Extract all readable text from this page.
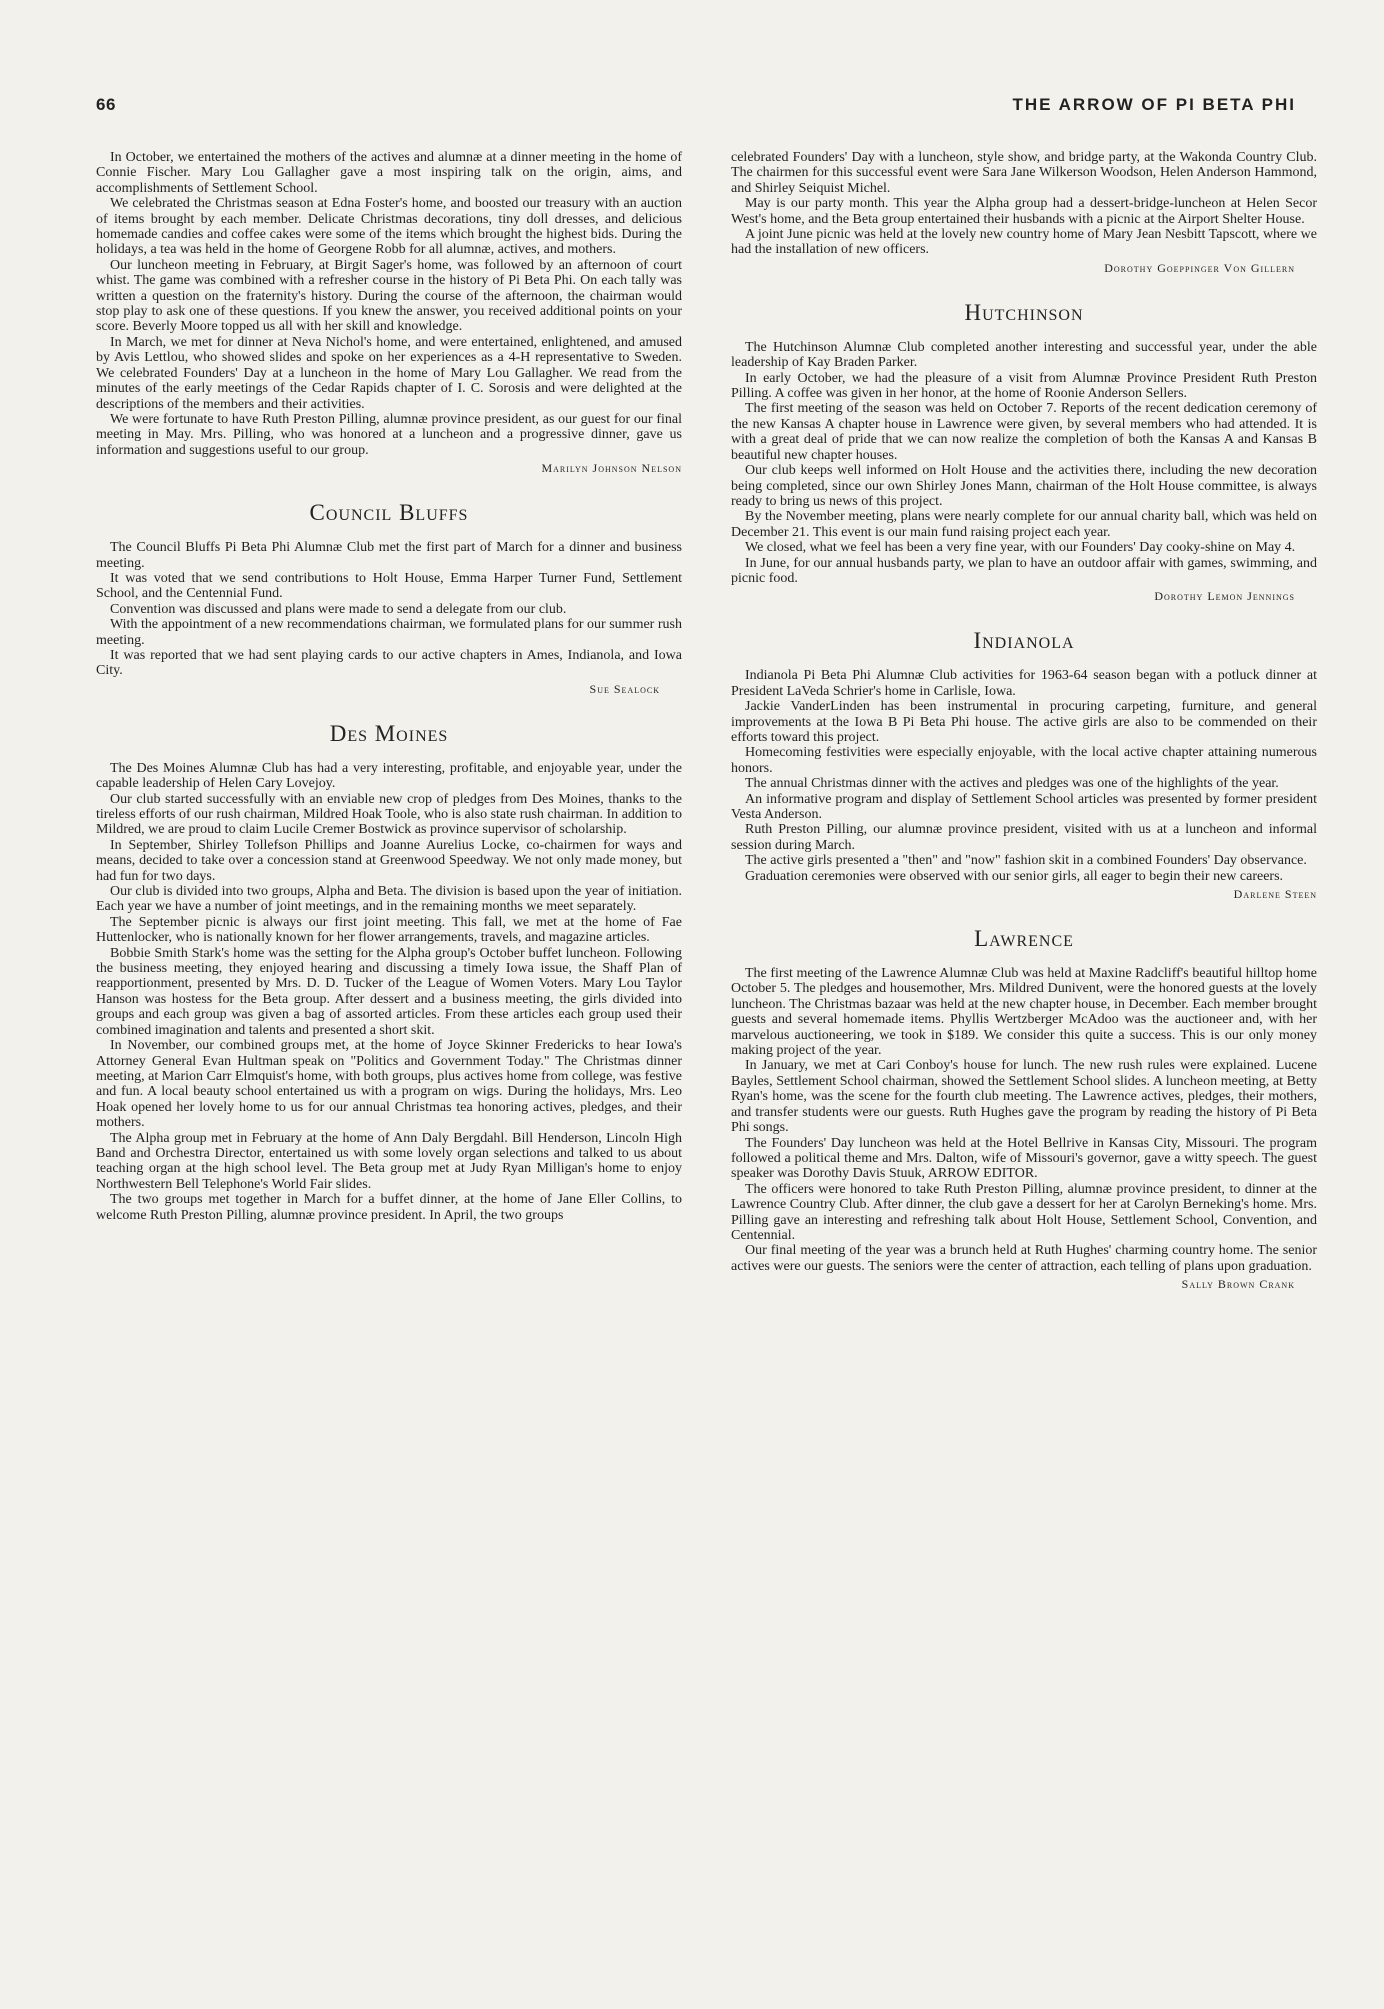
66	THE ARROW OF PI BETA PHI

In October, we entertained the mothers of the actives and alumnæ at a dinner meeting in the home of Connie Fischer. Mary Lou Gallagher gave a most inspiring talk on the origin, aims, and accomplishments of Settlement School.

We celebrated the Christmas season at Edna Foster's home, and boosted our treasury with an auction of items brought by each member. Delicate Christmas decorations, tiny doll dresses, and delicious homemade candies and coffee cakes were some of the items which brought the highest bids. During the holidays, a tea was held in the home of Georgene Robb for all alumnæ, actives, and mothers.

Our luncheon meeting in February, at Birgit Sager's home, was followed by an afternoon of court whist. The game was combined with a refresher course in the history of Pi Beta Phi. On each tally was written a question on the fraternity's history. During the course of the afternoon, the chairman would stop play to ask one of these questions. If you knew the answer, you received additional points on your score. Beverly Moore topped us all with her skill and knowledge.

In March, we met for dinner at Neva Nichol's home, and were entertained, enlightened, and amused by Avis Lettlou, who showed slides and spoke on her experiences as a 4-H representative to Sweden. We celebrated Founders' Day at a luncheon in the home of Mary Lou Gallagher. We read from the minutes of the early meetings of the Cedar Rapids chapter of I. C. Sorosis and were delighted at the descriptions of the members and their activities.

We were fortunate to have Ruth Preston Pilling, alumnæ province president, as our guest for our final meeting in May. Mrs. Pilling, who was honored at a luncheon and a progressive dinner, gave us information and suggestions useful to our group.

Marilyn Johnson Nelson
Council Bluffs

The Council Bluffs Pi Beta Phi Alumnæ Club met the first part of March for a dinner and business meeting.

It was voted that we send contributions to Holt House, Emma Harper Turner Fund, Settlement School, and the Centennial Fund.

Convention was discussed and plans were made to send a delegate from our club.

With the appointment of a new recommendations chairman, we formulated plans for our summer rush meeting.

It was reported that we had sent playing cards to our active chapters in Ames, Indianola, and Iowa City.

Sue Sealock
Des Moines

The Des Moines Alumnæ Club has had a very interesting, profitable, and enjoyable year, under the capable leadership of Helen Cary Lovejoy.

Our club started successfully with an enviable new crop of pledges from Des Moines, thanks to the tireless efforts of our rush chairman, Mildred Hoak Toole, who is also state rush chairman. In addition to Mildred, we are proud to claim Lucile Cremer Bostwick as province supervisor of scholarship.

In September, Shirley Tollefson Phillips and Joanne Aurelius Locke, co-chairmen for ways and means, decided to take over a concession stand at Greenwood Speedway. We not only made money, but had fun for two days.

Our club is divided into two groups, Alpha and Beta. The division is based upon the year of initiation. Each year we have a number of joint meetings, and in the remaining months we meet separately.

The September picnic is always our first joint meeting. This fall, we met at the home of Fae Huttenlocker, who is nationally known for her flower arrangements, travels, and magazine articles.

Bobbie Smith Stark's home was the setting for the Alpha group's October buffet luncheon. Following the business meeting, they enjoyed hearing and discussing a timely Iowa issue, the Shaff Plan of reapportionment, presented by Mrs. D. D. Tucker of the League of Women Voters. Mary Lou Taylor Hanson was hostess for the Beta group. After dessert and a business meeting, the girls divided into groups and each group was given a bag of assorted articles. From these articles each group used their combined imagination and talents and presented a short skit.

In November, our combined groups met, at the home of Joyce Skinner Fredericks to hear Iowa's Attorney General Evan Hultman speak on "Politics and Government Today." The Christmas dinner meeting, at Marion Carr Elmquist's home, with both groups, plus actives home from college, was festive and fun. A local beauty school entertained us with a program on wigs. During the holidays, Mrs. Leo Hoak opened her lovely home to us for our annual Christmas tea honoring actives, pledges, and their mothers.

The Alpha group met in February at the home of Ann Daly Bergdahl. Bill Henderson, Lincoln High Band and Orchestra Director, entertained us with some lovely organ selections and talked to us about teaching organ at the high school level. The Beta group met at Judy Ryan Milligan's home to enjoy Northwestern Bell Telephone's World Fair slides.

The two groups met together in March for a buffet dinner, at the home of Jane Eller Collins, to welcome Ruth Preston Pilling, alumnæ province president. In April, the two groups

celebrated Founders' Day with a luncheon, style show, and bridge party, at the Wakonda Country Club. The chairmen for this successful event were Sara Jane Wilkerson Woodson, Helen Anderson Hammond, and Shirley Seiquist Michel.

May is our party month. This year the Alpha group had a dessert-bridge-luncheon at Helen Secor West's home, and the Beta group entertained their husbands with a picnic at the Airport Shelter House.

A joint June picnic was held at the lovely new country home of Mary Jean Nesbitt Tapscott, where we had the installation of new officers.

Dorothy Goeppinger Von Gillern
Hutchinson

The Hutchinson Alumnæ Club completed another interesting and successful year, under the able leadership of Kay Braden Parker.

In early October, we had the pleasure of a visit from Alumnæ Province President Ruth Preston Pilling. A coffee was given in her honor, at the home of Roonie Anderson Sellers.

The first meeting of the season was held on October 7. Reports of the recent dedication ceremony of the new Kansas A chapter house in Lawrence were given, by several members who had attended. It is with a great deal of pride that we can now realize the completion of both the Kansas A and Kansas B beautiful new chapter houses.

Our club keeps well informed on Holt House and the activities there, including the new decoration being completed, since our own Shirley Jones Mann, chairman of the Holt House committee, is always ready to bring us news of this project.

By the November meeting, plans were nearly complete for our annual charity ball, which was held on December 21. This event is our main fund raising project each year.

We closed, what we feel has been a very fine year, with our Founders' Day cooky-shine on May 4.

In June, for our annual husbands party, we plan to have an outdoor affair with games, swimming, and picnic food.

Dorothy Lemon Jennings
Indianola

Indianola Pi Beta Phi Alumnæ Club activities for 1963-64 season began with a potluck dinner at President LaVeda Schrier's home in Carlisle, Iowa.

Jackie VanderLinden has been instrumental in procuring carpeting, furniture, and general improvements at the Iowa B Pi Beta Phi house. The active girls are also to be commended on their efforts toward this project.

Homecoming festivities were especially enjoyable, with the local active chapter attaining numerous honors.

The annual Christmas dinner with the actives and pledges was one of the highlights of the year.

An informative program and display of Settlement School articles was presented by former president Vesta Anderson.

Ruth Preston Pilling, our alumnæ province president, visited with us at a luncheon and informal session during March.

The active girls presented a "then" and "now" fashion skit in a combined Founders' Day observance.

Graduation ceremonies were observed with our senior girls, all eager to begin their new careers.

Darlene Steen
Lawrence

The first meeting of the Lawrence Alumnæ Club was held at Maxine Radcliff's beautiful hilltop home October 5. The pledges and housemother, Mrs. Mildred Dunivent, were the honored guests at the lovely luncheon. The Christmas bazaar was held at the new chapter house, in December. Each member brought guests and several homemade items. Phyllis Wertzberger McAdoo was the auctioneer and, with her marvelous auctioneering, we took in $189. We consider this quite a success. This is our only money making project of the year.

In January, we met at Cari Conboy's house for lunch. The new rush rules were explained. Lucene Bayles, Settlement School chairman, showed the Settlement School slides. A luncheon meeting, at Betty Ryan's home, was the scene for the fourth club meeting. The Lawrence actives, pledges, their mothers, and transfer students were our guests. Ruth Hughes gave the program by reading the history of Pi Beta Phi songs.

The Founders' Day luncheon was held at the Hotel Bellrive in Kansas City, Missouri. The program followed a political theme and Mrs. Dalton, wife of Missouri's governor, gave a witty speech. The guest speaker was Dorothy Davis Stuuk, ARROW EDITOR.

The officers were honored to take Ruth Preston Pilling, alumnæ province president, to dinner at the Lawrence Country Club. After dinner, the club gave a dessert for her at Carolyn Berneking's home. Mrs. Pilling gave an interesting and refreshing talk about Holt House, Settlement School, Convention, and Centennial.

Our final meeting of the year was a brunch held at Ruth Hughes' charming country home. The senior actives were our guests. The seniors were the center of attraction, each telling of plans upon graduation.

Sally Brown Crank
